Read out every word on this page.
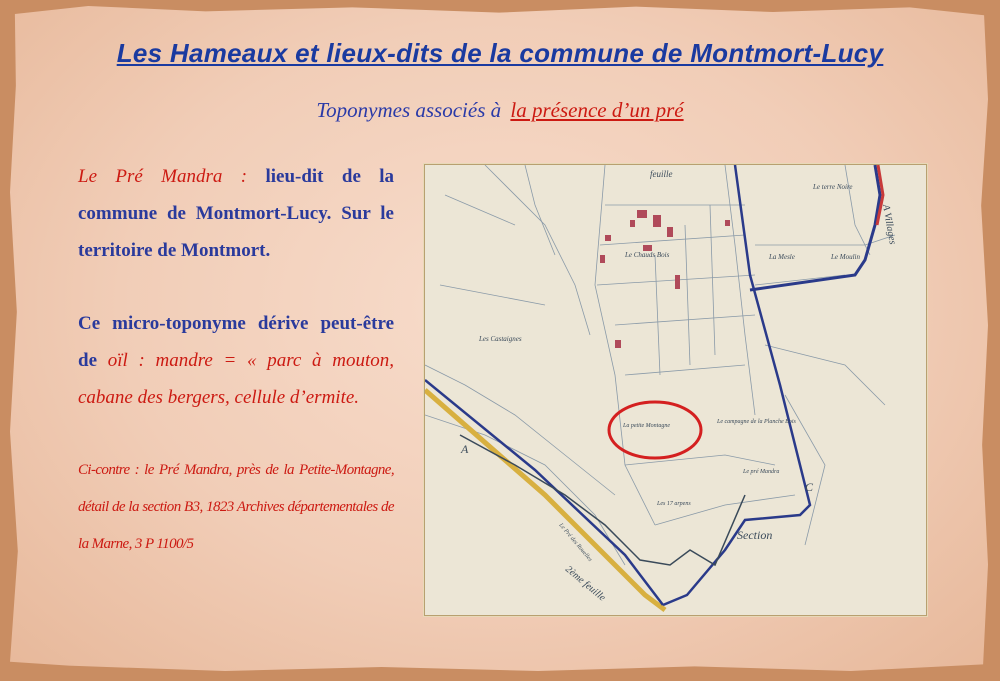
Les Hameaux et lieux-dits de la commune de Montmort-Lucy
Toponymes associés à la présence d’un pré

Le Pré Mandra : lieu-dit de la commune de Montmort-Lucy. Sur le territoire de Montmort.

Ce micro-toponyme dérive peut-être de oïl : mandre = « parc à mouton, cabane des bergers, cellule d’ermite.

Ci-contre : le Pré Mandra, près de la Petite-Montagne, détail de la section B3, 1823 Archives départementales de la Marne, 3 P 1100/5

feuille
Le terre Noire
Le Chauds Bois	La Mesle	Le Moulin
Les Castaignes
La petite Montagne
Le campagne de la Planche Bois
Le pré Mandra
Les 17 arpens
Le Pré des Rouelles	Section
2ème feuille
A Villages
A
C
